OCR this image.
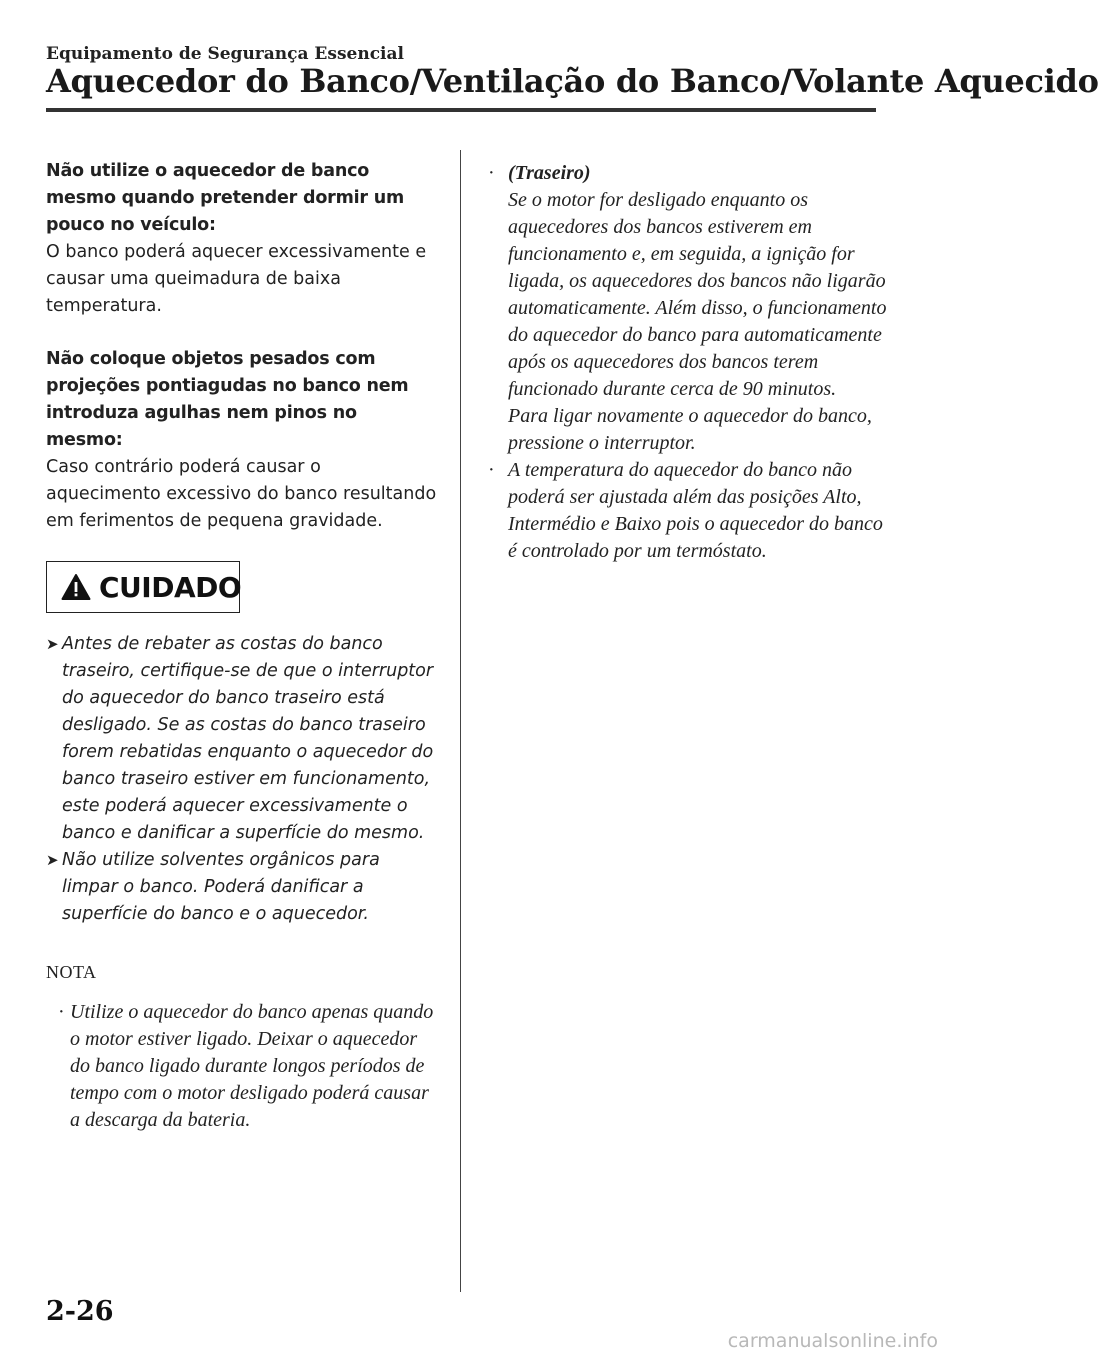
Equipamento de Segurança Essencial
Aquecedor do Banco/Ventilação do Banco/Volante Aquecido
Não utilize o aquecedor de banco mesmo quando pretender dormir um pouco no veículo:
O banco poderá aquecer excessivamente e causar uma queimadura de baixa temperatura.
Não coloque objetos pesados com projeções pontiagudas no banco nem introduza agulhas nem pinos no mesmo:
Caso contrário poderá causar o aquecimento excessivo do banco resultando em ferimentos de pequena gravidade.
CUIDADO
➤ Antes de rebater as costas do banco traseiro, certifique-se de que o interruptor do aquecedor do banco traseiro está desligado. Se as costas do banco traseiro forem rebatidas enquanto o aquecedor do banco traseiro estiver em funcionamento, este poderá aquecer excessivamente o banco e danificar a superfície do mesmo.
➤ Não utilize solventes orgânicos para limpar o banco. Poderá danificar a superfície do banco e o aquecedor.
NOTA
· Utilize o aquecedor do banco apenas quando o motor estiver ligado. Deixar o aquecedor do banco ligado durante longos períodos de tempo com o motor desligado poderá causar a descarga da bateria.
· (Traseiro)
Se o motor for desligado enquanto os aquecedores dos bancos estiverem em funcionamento e, em seguida, a ignição for ligada, os aquecedores dos bancos não ligarão automaticamente. Além disso, o funcionamento do aquecedor do banco para automaticamente após os aquecedores dos bancos terem funcionado durante cerca de 90 minutos.
Para ligar novamente o aquecedor do banco, pressione o interruptor.
· A temperatura do aquecedor do banco não poderá ser ajustada além das posições Alto, Intermédio e Baixo pois o aquecedor do banco é controlado por um termóstato.
2-26
carmanualsonline.info
